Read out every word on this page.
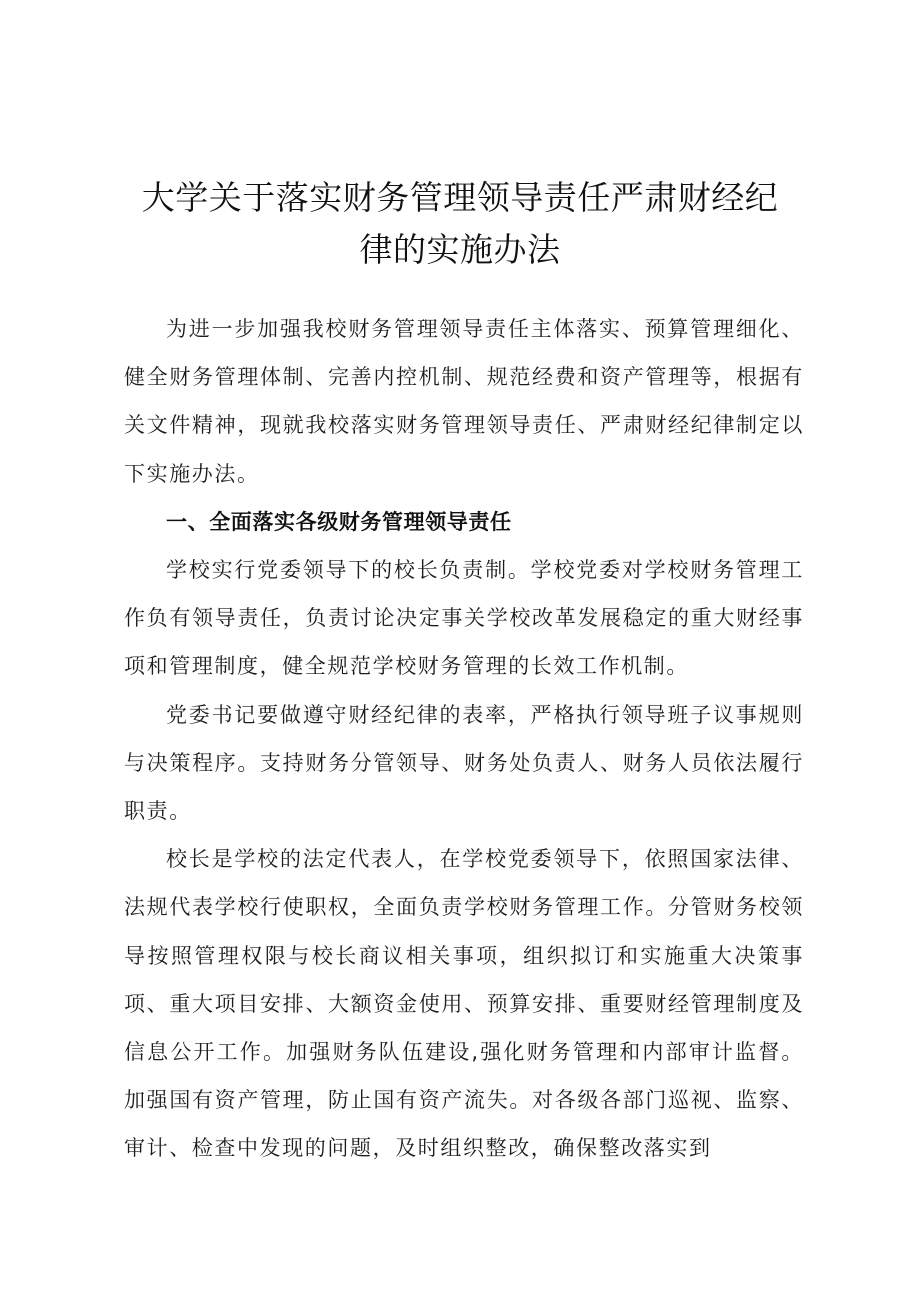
大学关于落实财务管理领导责任严肃财经纪
律的实施办法

为进一步加强我校财务管理领导责任主体落实、预算管理细化、健全财务管理体制、完善内控机制、规范经费和资产管理等，根据有关文件精神，现就我校落实财务管理领导责任、严肃财经纪律制定以下实施办法。

一、全面落实各级财务管理领导责任

学校实行党委领导下的校长负责制。学校党委对学校财务管理工作负有领导责任，负责讨论决定事关学校改革发展稳定的重大财经事项和管理制度，健全规范学校财务管理的长效工作机制。

党委书记要做遵守财经纪律的表率，严格执行领导班子议事规则与决策程序。支持财务分管领导、财务处负责人、财务人员依法履行职责。

校长是学校的法定代表人，在学校党委领导下，依照国家法律、法规代表学校行使职权，全面负责学校财务管理工作。分管财务校领导按照管理权限与校长商议相关事项，组织拟订和实施重大决策事项、重大项目安排、大额资金使用、预算安排、重要财经管理制度及信息公开工作。加强财务队伍建设,强化财务管理和内部审计监督。加强国有资产管理，防止国有资产流失。对各级各部门巡视、监察、审计、检查中发现的问题，及时组织整改，确保整改落实到
